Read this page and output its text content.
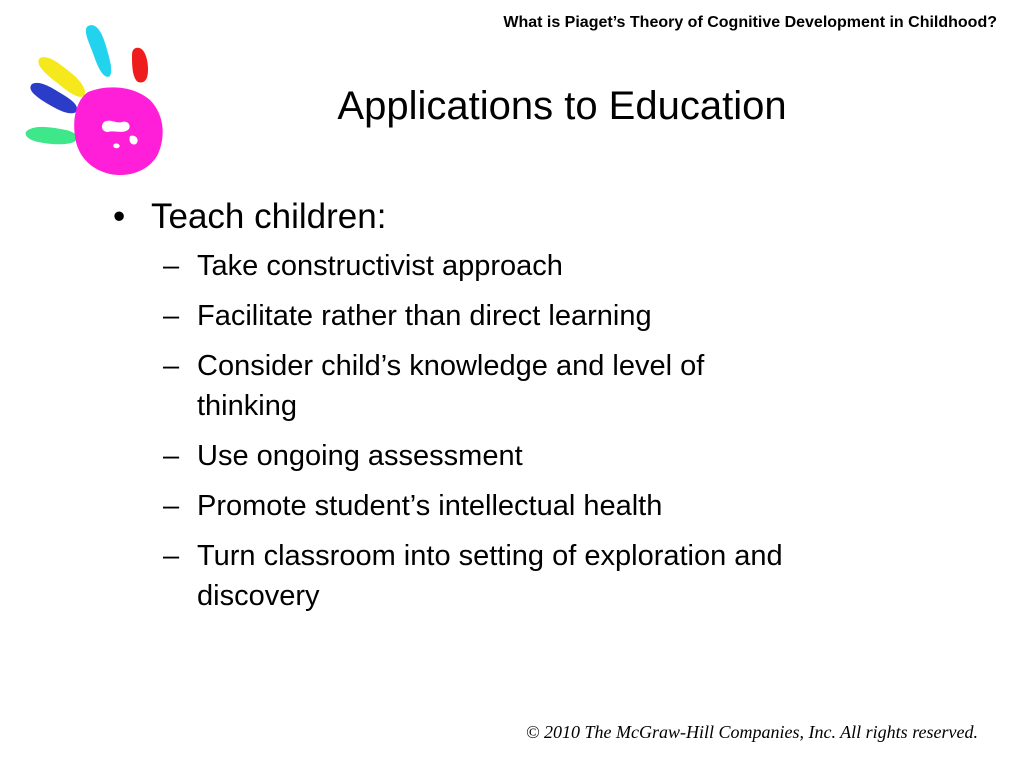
What is Piaget’s Theory of Cognitive Development in Childhood?
Applications to Education
• Teach children:
– Take constructivist approach
– Facilitate rather than direct learning
– Consider child’s knowledge and level of thinking
– Use ongoing assessment
– Promote student’s intellectual health
– Turn classroom into setting of exploration and discovery
© 2010 The McGraw-Hill Companies, Inc. All rights reserved.
